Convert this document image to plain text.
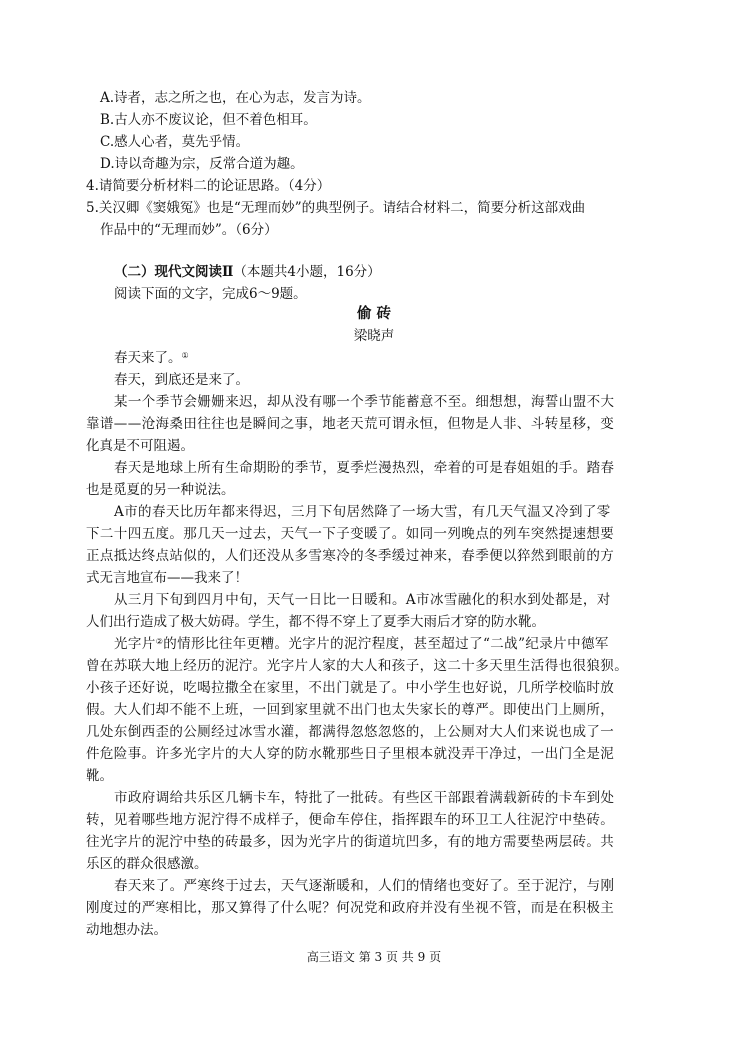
A.诗者，志之所之也，在心为志，发言为诗。
B.古人亦不废议论，但不着色相耳。
C.感人心者，莫先乎情。
D.诗以奇趣为宗，反常合道为趣。
4.请简要分析材料二的论证思路。（4分）
5.关汉卿《窦娥冤》也是“无理而妙”的典型例子。请结合材料二，简要分析这部戏曲
作品中的“无理而妙”。（6分）
（二）现代文阅读Ⅱ（本题共4小题，16分）
阅读下面的文字，完成6～9题。
偷 砖
梁晓声
春天来了。①
春天，到底还是来了。
某一个季节会姗姗来迟，却从没有哪一个季节能蓄意不至。细想想，海誓山盟不大
靠谱——沧海桑田往往也是瞬间之事，地老天荒可谓永恒，但物是人非、斗转星移，变
化真是不可阻遏。
春天是地球上所有生命期盼的季节，夏季烂漫热烈，牵着的可是春姐姐的手。踏春
也是觅夏的另一种说法。
A市的春天比历年都来得迟，三月下旬居然降了一场大雪，有几天气温又冷到了零
下二十四五度。那几天一过去，天气一下子变暖了。如同一列晚点的列车突然提速想要
正点抵达终点站似的，人们还没从多雪寒冷的冬季缓过神来，春季便以猝然到眼前的方
式无言地宣布——我来了！
从三月下旬到四月中旬，天气一日比一日暖和。A市冰雪融化的积水到处都是，对
人们出行造成了极大妨碍。学生，都不得不穿上了夏季大雨后才穿的防水靴。
光字片②的情形比往年更糟。光字片的泥泞程度，甚至超过了“二战”纪录片中德军
曾在苏联大地上经历的泥泞。光字片人家的大人和孩子，这二十多天里生活得也很狼狈。
小孩子还好说，吃喝拉撒全在家里，不出门就是了。中小学生也好说，几所学校临时放
假。大人们却不能不上班，一回到家里就不出门也太失家长的尊严。即使出门上厕所，
几处东倒西歪的公厕经过冰雪水灌，都满得忽悠忽悠的，上公厕对大人们来说也成了一
件危险事。许多光字片的大人穿的防水靴那些日子里根本就没弄干净过，一出门全是泥
靴。
市政府调给共乐区几辆卡车，特批了一批砖。有些区干部跟着满载新砖的卡车到处
转，见着哪些地方泥泞得不成样子，便命车停住，指挥跟车的环卫工人往泥泞中垫砖。
往光字片的泥泞中垫的砖最多，因为光字片的街道坑凹多，有的地方需要垫两层砖。共
乐区的群众很感激。
春天来了。严寒终于过去，天气逐渐暖和，人们的情绪也变好了。至于泥泞，与刚
刚度过的严寒相比，那又算得了什么呢？何况党和政府并没有坐视不管，而是在积极主
动地想办法。
高三语文 第 3 页 共 9 页
